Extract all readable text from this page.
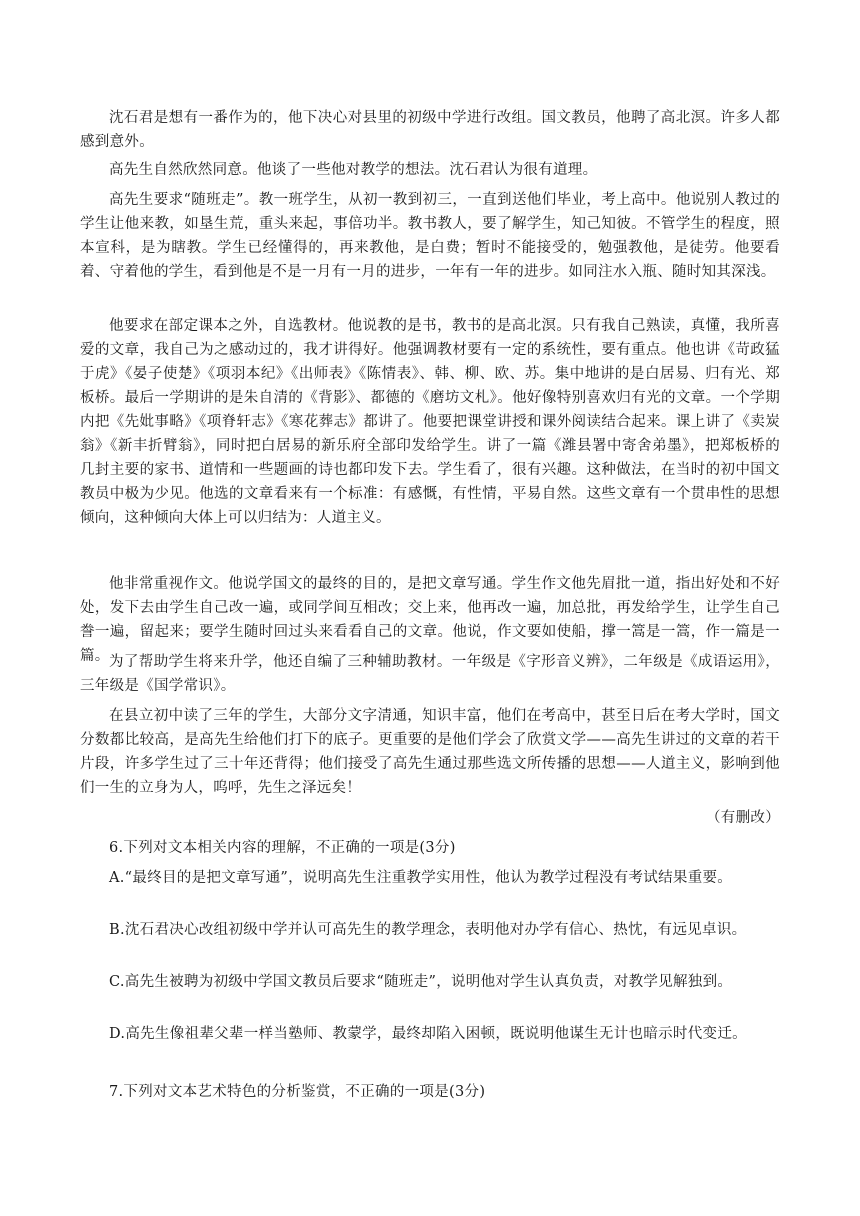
沈石君是想有一番作为的，他下决心对县里的初级中学进行改组。国文教员，他聘了高北溟。许多人都感到意外。

高先生自然欣然同意。他谈了一些他对教学的想法。沈石君认为很有道理。

高先生要求“随班走”。教一班学生，从初一教到初三，一直到送他们毕业，考上高中。他说别人教过的学生让他来教，如垦生荒，重头来起，事倍功半。教书教人，要了解学生，知己知彼。不管学生的程度，照本宣科，是为瞎教。学生已经懂得的，再来教他，是白费；暂时不能接受的，勉强教他，是徒劳。他要看着、守着他的学生，看到他是不是一月有一月的进步，一年有一年的进步。如同注水入瓶、随时知其深浅。

他要求在部定课本之外，自选教材。他说教的是书，教书的是高北溟。只有我自己熟读，真懂，我所喜爱的文章，我自己为之感动过的，我才讲得好。他强调教材要有一定的系统性，要有重点。他也讲《苛政猛于虎》《晏子使楚》《项羽本纪》《出师表》《陈情表》、韩、柳、欧、苏。集中地讲的是白居易、归有光、郑板桥。最后一学期讲的是朱自清的《背影》、都德的《磨坊文札》。他好像特别喜欢归有光的文章。一个学期内把《先妣事略》《项脊轩志》《寒花葬志》都讲了。他要把课堂讲授和课外阅读结合起来。课上讲了《卖炭翁》《新丰折臂翁》，同时把白居易的新乐府全部印发给学生。讲了一篇《潍县署中寄舍弟墨》，把郑板桥的几封主要的家书、道情和一些题画的诗也都印发下去。学生看了，很有兴趣。这种做法，在当时的初中国文教员中极为少见。他选的文章看来有一个标准：有感慨，有性情，平易自然。这些文章有一个贯串性的思想倾向，这种倾向大体上可以归结为：人道主义。

他非常重视作文。他说学国文的最终的目的，是把文章写通。学生作文他先眉批一道，指出好处和不好处，发下去由学生自己改一遍，或同学间互相改；交上来，他再改一遍，加总批，再发给学生，让学生自己誊一遍，留起来；要学生随时回过头来看看自己的文章。他说，作文要如使船，撑一篙是一篙，作一篇是一篇。 为了帮助学生将来升学，他还自编了三种辅助教材。一年级是《字形音义辨》，二年级是《成语运用》，三年级是《国学常识》。

在县立初中读了三年的学生，大部分文字清通，知识丰富，他们在考高中，甚至日后在考大学时，国文分数都比较高，是高先生给他们打下的底子。更重要的是他们学会了欣赏文学——高先生讲过的文章的若干片段，许多学生过了三十年还背得；他们接受了高先生通过那些选文所传播的思想——人道主义，影响到他们一生的立身为人，呜呼，先生之泽远矣！

（有删改）

6.下列对文本相关内容的理解，不正确的一项是(3分)

A.“最终目的是把文章写通”，说明高先生注重教学实用性，他认为教学过程没有考试结果重要。

B.沈石君决心改组初级中学并认可高先生的教学理念，表明他对办学有信心、热忱，有远见卓识。

C.高先生被聘为初级中学国文教员后要求“随班走”，说明他对学生认真负责，对教学见解独到。

D.高先生像祖辈父辈一样当塾师、教蒙学，最终却陷入困顿，既说明他谋生无计也暗示时代变迁。

7.下列对文本艺术特色的分析鉴赏，不正确的一项是(3分)
